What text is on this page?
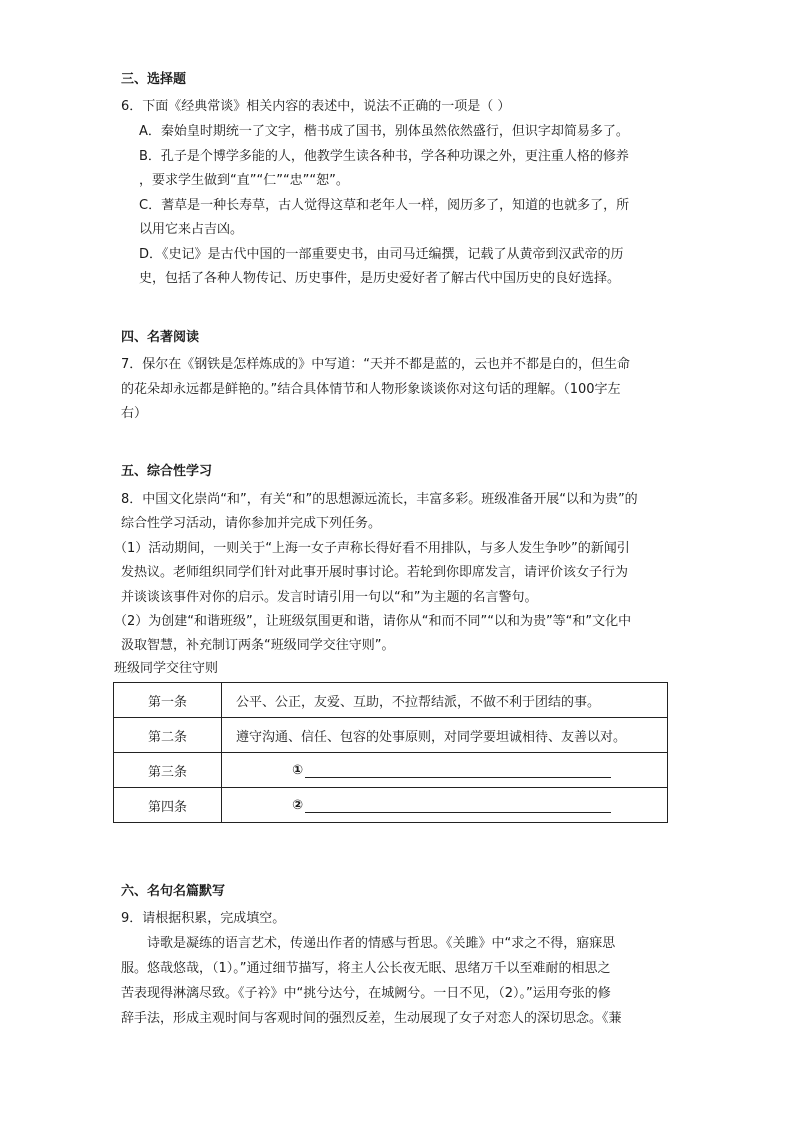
三、选择题
6．下面《经典常谈》相关内容的表述中，说法不正确的一项是（ ）
A．秦始皇时期统一了文字，楷书成了国书，别体虽然依然盛行，但识字却简易多了。
B．孔子是个博学多能的人，他教学生读各种书，学各种功课之外，更注重人格的修养
，要求学生做到“直”“仁”“忠”“恕”。
C．蓍草是一种长寿草，古人觉得这草和老年人一样，阅历多了，知道的也就多了，所
以用它来占吉凶。
D．《史记》是古代中国的一部重要史书，由司马迁编撰，记载了从黄帝到汉武帝的历
史，包括了各种人物传记、历史事件，是历史爱好者了解古代中国历史的良好选择。
四、名著阅读
7．保尔在《钢铁是怎样炼成的》中写道：“天并不都是蓝的，云也并不都是白的，但生命
的花朵却永远都是鲜艳的。”结合具体情节和人物形象谈谈你对这句话的理解。（100字左
右）
五、综合性学习
8．中国文化崇尚“和”，有关“和”的思想源远流长，丰富多彩。班级准备开展“以和为贵”的
综合性学习活动，请你参加并完成下列任务。
（1）活动期间，一则关于“上海一女子声称长得好看不用排队，与多人发生争吵”的新闻引
发热议。老师组织同学们针对此事开展时事讨论。若轮到你即席发言，请评价该女子行为
并谈谈该事件对你的启示。发言时请引用一句以“和”为主题的名言警句。
（2）为创建“和谐班级”，让班级氛围更和谐，请你从“和而不同”“以和为贵”等“和”文化中
汲取智慧，补充制订两条“班级同学交往守则”。
班级同学交往守则
第一条	公平、公正，友爱、互助，不拉帮结派，不做不利于团结的事。
第二条	遵守沟通、信任、包容的处事原则，对同学要坦诚相待、友善以对。
第三条	①
第四条	②
六、名句名篇默写
9．请根据积累，完成填空。
诗歌是凝练的语言艺术，传递出作者的情感与哲思。《关雎》中“求之不得，寤寐思
服。悠哉悠哉，（1）。”通过细节描写，将主人公长夜无眠、思绪万千以至难耐的相思之
苦表现得淋漓尽致。《子衿》中“挑兮达兮，在城阙兮。一日不见，（2）。”运用夸张的修
辞手法，形成主观时间与客观时间的强烈反差，生动展现了女子对恋人的深切思念。《蒹
